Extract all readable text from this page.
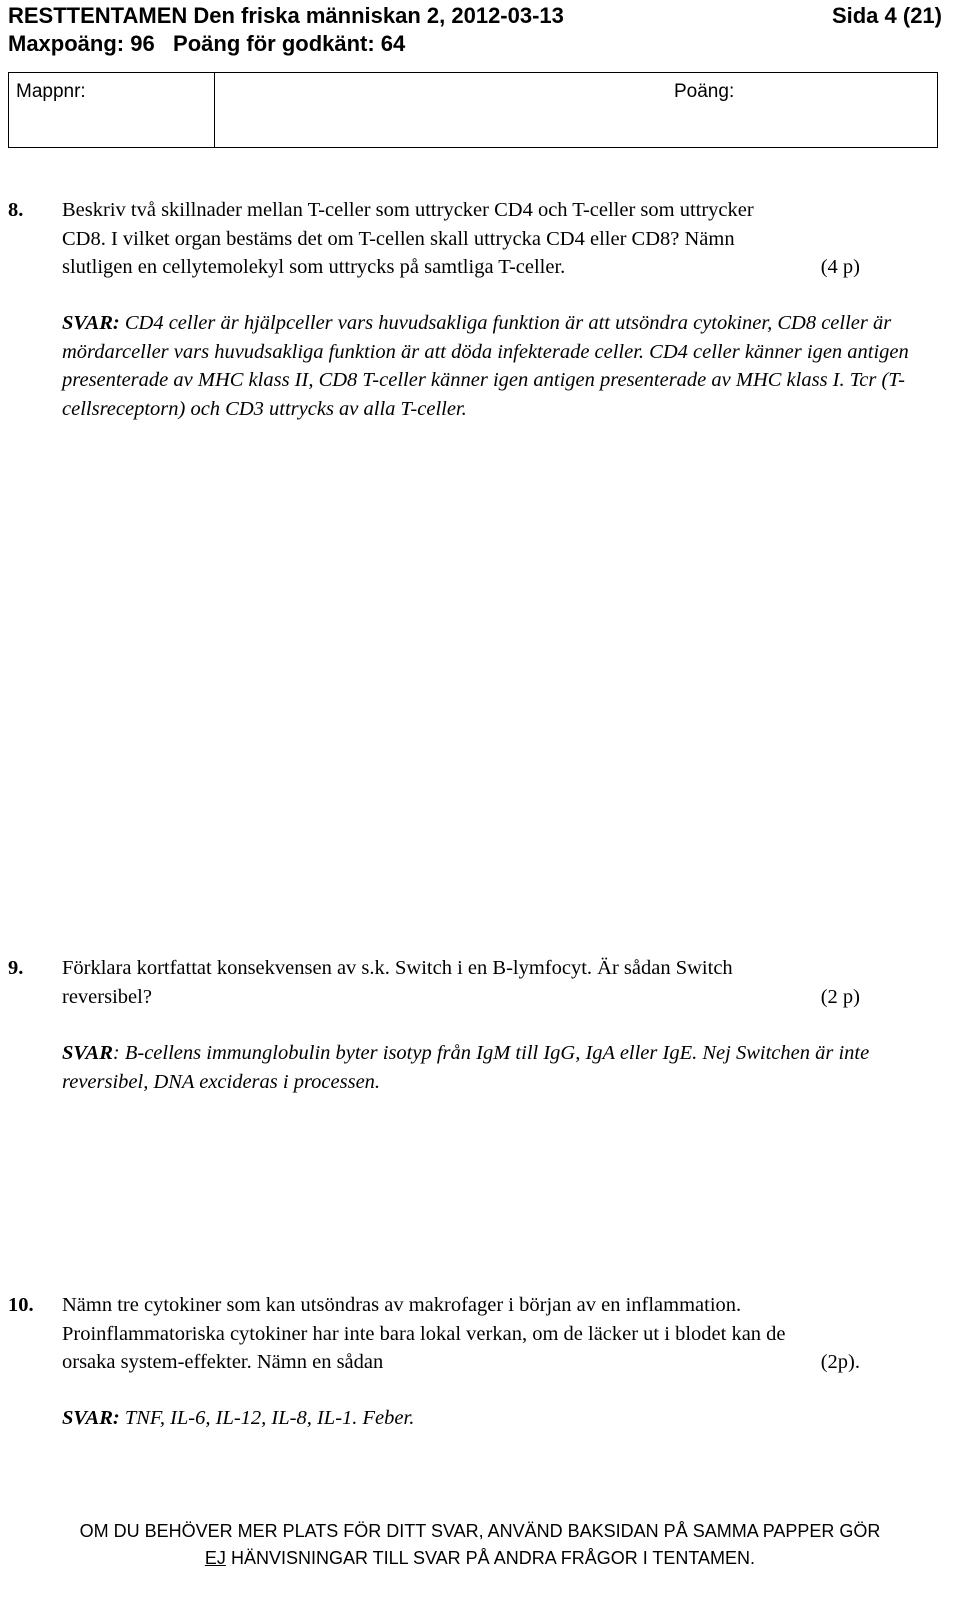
RESTTENTAMEN Den friska människan 2, 2012-03-13	Sida 4 (21)
Maxpoäng: 96 Poäng för godkänt: 64
Mappnr:	Poäng:
8. Beskriv två skillnader mellan T-celler som uttrycker CD4 och T-celler som uttrycker
CD8. I vilket organ bestäms det om T-cellen skall uttrycka CD4 eller CD8? Nämn
slutligen en cellytemolekyl som uttrycks på samtliga T-celler.	(4 p)
SVAR: CD4 celler är hjälpceller vars huvudsakliga funktion är att utsöndra cytokiner, CD8 celler är mördarceller vars huvudsakliga funktion är att döda infekterade celler. CD4 celler känner igen antigen presenterade av MHC klass II, CD8 T-celler känner igen antigen presenterade av MHC klass I. Tcr (T-cellsreceptorn) och CD3 uttrycks av alla T-celler.
9. Förklara kortfattat konsekvensen av s.k. Switch i en B-lymfocyt. Är sådan Switch
reversibel?	(2 p)
SVAR: B-cellens immunglobulin byter isotyp från IgM till IgG, IgA eller IgE. Nej Switchen är inte reversibel, DNA excideras i processen.
10. Nämn tre cytokiner som kan utsöndras av makrofager i början av en inflammation.
Proinflammatoriska cytokiner har inte bara lokal verkan, om de läcker ut i blodet kan de
orsaka system-effekter. Nämn en sådan	(2p).
SVAR: TNF, IL-6, IL-12, IL-8, IL-1. Feber.
OM DU BEHÖVER MER PLATS FÖR DITT SVAR, ANVÄND BAKSIDAN PÅ SAMMA PAPPER GÖR
EJ HÄNVISNINGAR TILL SVAR PÅ ANDRA FRÅGOR I TENTAMEN.
